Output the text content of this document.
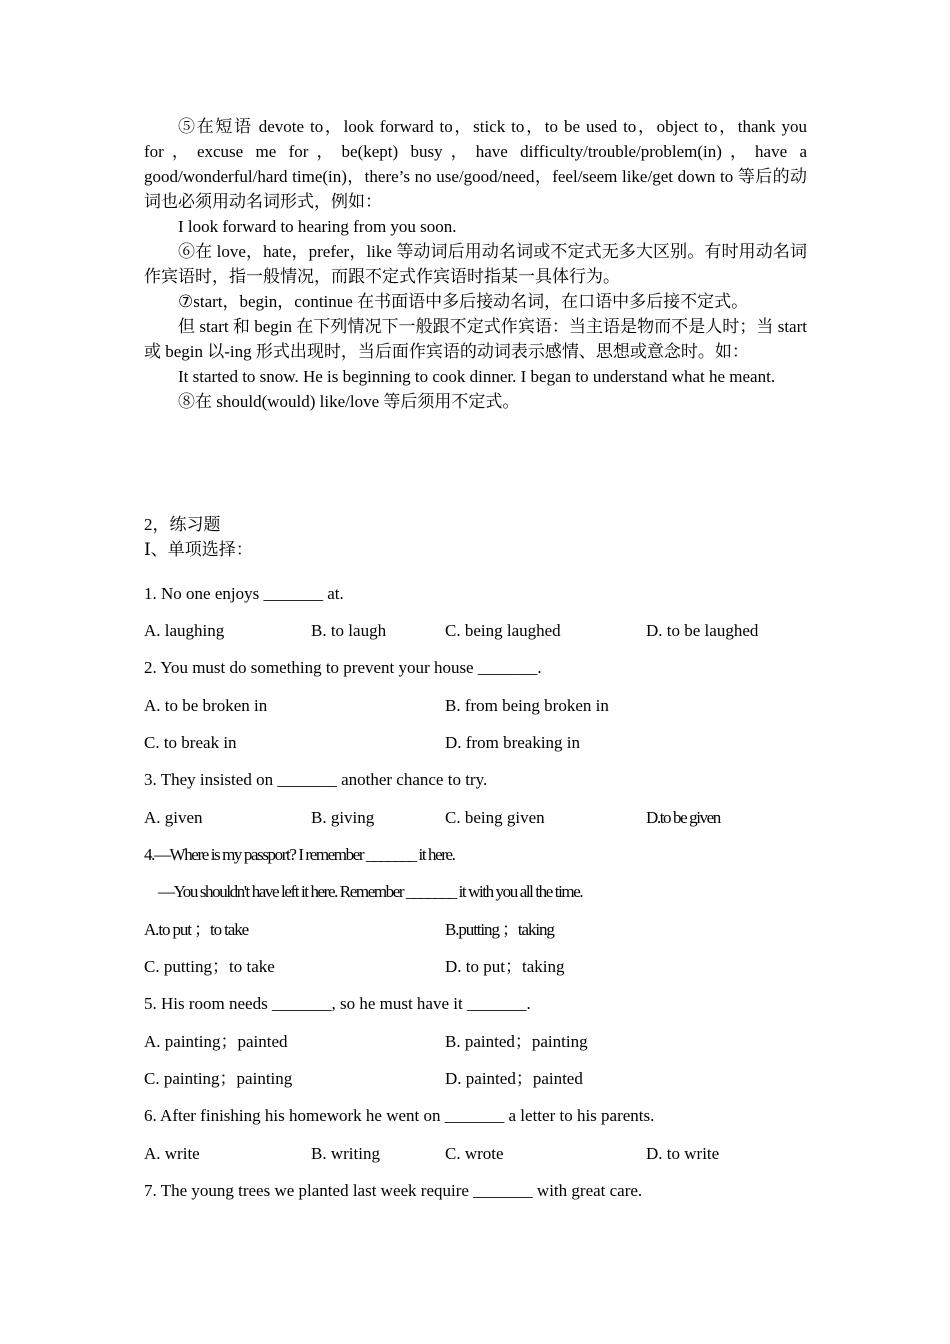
⑤在短语 devote to，look forward to，stick to，to be used to，object to，thank you for，excuse me for，be(kept) busy，have difficulty/trouble/problem(in)，have a good/wonderful/hard time(in)，there’s no use/good/need，feel/seem like/get down to 等后的动词也必须用动名词形式，例如：

I look forward to hearing from you soon.

⑥在 love，hate，prefer，like 等动词后用动名词或不定式无多大区别。有时用动名词作宾语时，指一般情况，而跟不定式作宾语时指某一具体行为。

⑦start，begin，continue 在书面语中多后接动名词，在口语中多后接不定式。

但 start 和 begin 在下列情况下一般跟不定式作宾语：当主语是物而不是人时；当 start 或 begin 以-ing 形式出现时，当后面作宾语的动词表示感情、思想或意念时。如：

It started to snow. He is beginning to cook dinner. I began to understand what he meant.

⑧在 should(would) like/love 等后须用不定式。

2，练习题

Ⅰ、单项选择：

1. No one enjoys _______ at.
A. laughing	B. to laugh	C. being laughed	D. to be laughed
2. You must do something to prevent your house _______.
A. to be broken in	B. from being broken in
C. to break in	D. from breaking in
3. They insisted on _______ another chance to try.
A. given	B. giving	C. being given	D.to be given
4.—Where is my passport? I remember _______ it here.
—You shouldn't have left it here. Remember _______ it with you all the time.
A.to put ；to take	B.putting ；taking
C. putting；to take	D. to put；taking
5. His room needs _______, so he must have it _______.
A. painting；painted	B. painted；painting
C. painting；painting	D. painted；painted
6. After finishing his homework he went on _______ a letter to his parents.
A. write	B. writing	C. wrote	D. to write
7. The young trees we planted last week require _______ with great care.
